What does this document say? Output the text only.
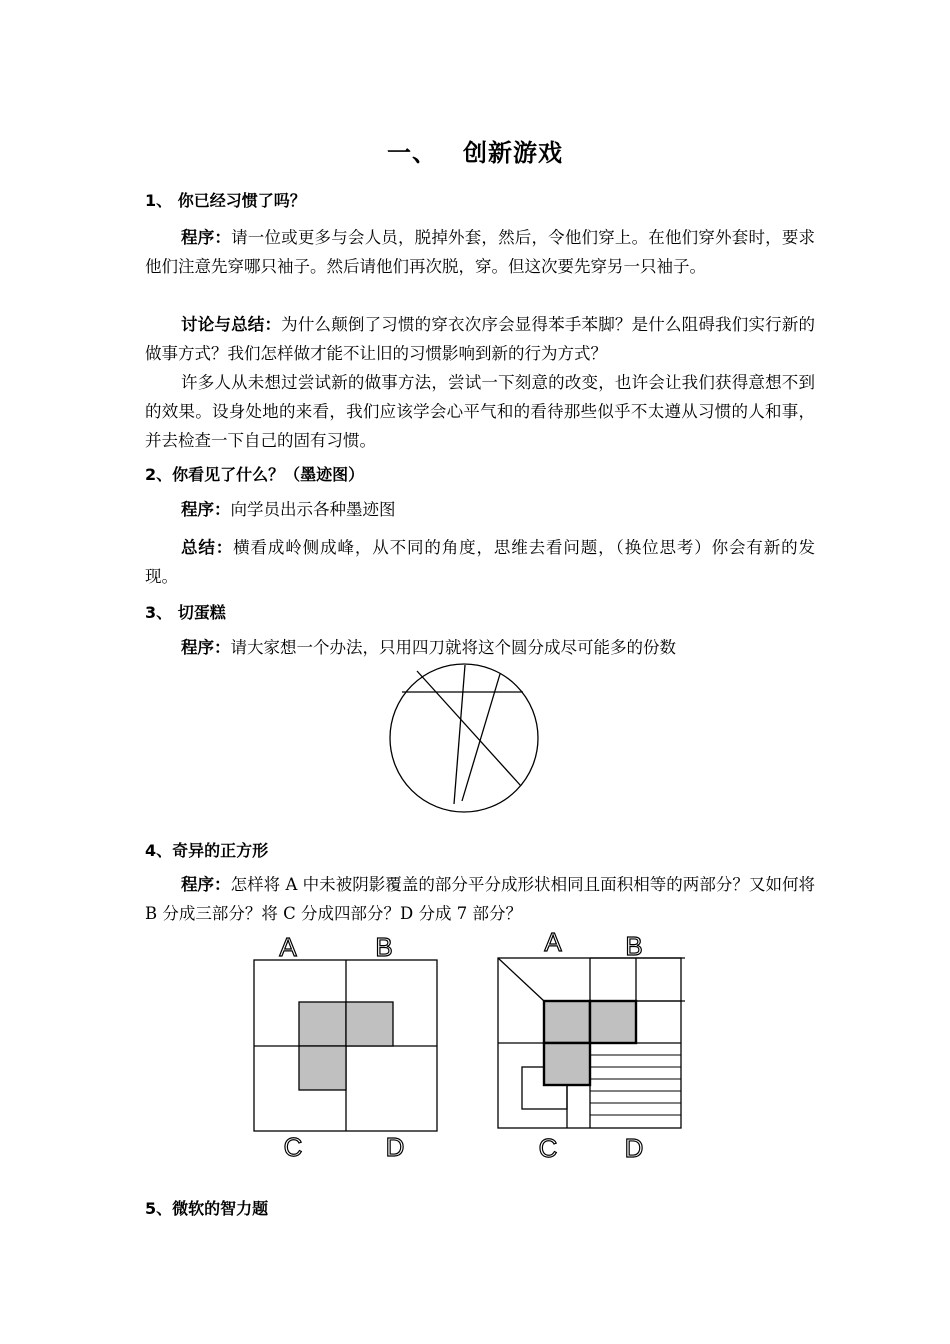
一、 创新游戏
1、 你已经习惯了吗？
程序：请一位或更多与会人员，脱掉外套，然后，令他们穿上。在他们穿外套时，要求他们注意先穿哪只袖子。然后请他们再次脱，穿。但这次要先穿另一只袖子。
讨论与总结：为什么颠倒了习惯的穿衣次序会显得苯手苯脚？是什么阻碍我们实行新的做事方式？我们怎样做才能不让旧的习惯影响到新的行为方式？
许多人从未想过尝试新的做事方法，尝试一下刻意的改变，也许会让我们获得意想不到的效果。设身处地的来看，我们应该学会心平气和的看待那些似乎不太遵从习惯的人和事，并去检查一下自己的固有习惯。
2、你看见了什么？（墨迹图）
程序：向学员出示各种墨迹图
总结：横看成岭侧成峰，从不同的角度，思维去看问题，（换位思考）你会有新的发现。
3、 切蛋糕
程序：请大家想一个办法，只用四刀就将这个圆分成尽可能多的份数
4、奇异的正方形
程序：怎样将 A 中未被阴影覆盖的部分平分成形状相同且面积相等的两部分？又如何将 B 分成三部分？将 C 分成四部分？D 分成 7 部分？
A	B
C	D
A B
C	D
5、微软的智力题
